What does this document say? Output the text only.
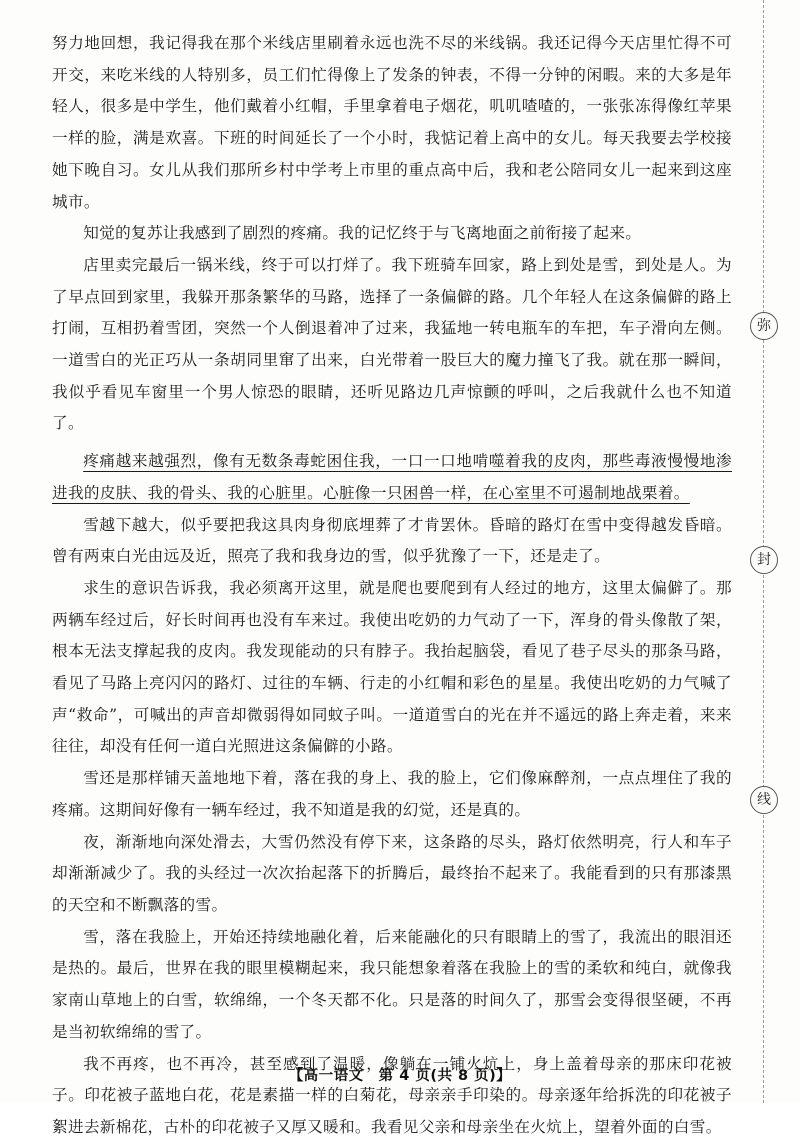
努力地回想，我记得我在那个米线店里刷着永远也洗不尽的米线锅。我还记得今天店里忙得不可开交，来吃米线的人特别多，员工们忙得像上了发条的钟表，不得一分钟的闲暇。来的大多是年轻人，很多是中学生，他们戴着小红帽，手里拿着电子烟花，叽叽喳喳的，一张张冻得像红苹果一样的脸，满是欢喜。下班的时间延长了一个小时，我惦记着上高中的女儿。每天我要去学校接她下晚自习。女儿从我们那所乡村中学考上市里的重点高中后，我和老公陪同女儿一起来到这座城市。

知觉的复苏让我感到了剧烈的疼痛。我的记忆终于与飞离地面之前衔接了起来。

店里卖完最后一锅米线，终于可以打烊了。我下班骑车回家，路上到处是雪，到处是人。为了早点回到家里，我躲开那条繁华的马路，选择了一条偏僻的路。几个年轻人在这条偏僻的路上打闹，互相扔着雪团，突然一个人倒退着冲了过来，我猛地一转电瓶车的车把，车子滑向左侧。一道雪白的光正巧从一条胡同里窜了出来，白光带着一股巨大的魔力撞飞了我。就在那一瞬间，我似乎看见车窗里一个男人惊恐的眼睛，还听见路边几声惊颤的呼叫，之后我就什么也不知道了。

疼痛越来越强烈，像有无数条毒蛇困住我，一口一口地啃噬着我的皮肉，那些毒液慢慢地渗进我的皮肤、我的骨头、我的心脏里。心脏像一只困兽一样，在心室里不可遏制地战栗着。

雪越下越大，似乎要把我这具肉身彻底埋葬了才肯罢休。昏暗的路灯在雪中变得越发昏暗。曾有两束白光由远及近，照亮了我和我身边的雪，似乎犹豫了一下，还是走了。

求生的意识告诉我，我必须离开这里，就是爬也要爬到有人经过的地方，这里太偏僻了。那两辆车经过后，好长时间再也没有车来过。我使出吃奶的力气动了一下，浑身的骨头像散了架，根本无法支撑起我的皮肉。我发现能动的只有脖子。我抬起脑袋，看见了巷子尽头的那条马路，看见了马路上亮闪闪的路灯、过往的车辆、行走的小红帽和彩色的星星。我使出吃奶的力气喊了声“救命”，可喊出的声音却微弱得如同蚊子叫。一道道雪白的光在并不遥远的路上奔走着，来来往往，却没有任何一道白光照进这条偏僻的小路。

雪还是那样铺天盖地地下着，落在我的身上、我的脸上，它们像麻醉剂，一点点埋住了我的疼痛。这期间好像有一辆车经过，我不知道是我的幻觉，还是真的。

夜，渐渐地向深处滑去，大雪仍然没有停下来，这条路的尽头，路灯依然明亮，行人和车子却渐渐减少了。我的头经过一次次抬起落下的折腾后，最终抬不起来了。我能看到的只有那漆黑的天空和不断飘落的雪。

雪，落在我脸上，开始还持续地融化着，后来能融化的只有眼睛上的雪了，我流出的眼泪还是热的。最后，世界在我的眼里模糊起来，我只能想象着落在我脸上的雪的柔软和纯白，就像我家南山草地上的白雪，软绵绵，一个冬天都不化。只是落的时间久了，那雪会变得很坚硬，不再是当初软绵绵的雪了。

我不再疼，也不再冷，甚至感到了温暖，像躺在一铺火炕上，身上盖着母亲的那床印花被子。印花被子蓝地白花，花是素描一样的白菊花，母亲亲手印染的。母亲逐年给拆洗的印花被子絮进去新棉花，古朴的印花被子又厚又暖和。我看见父亲和母亲坐在火炕上，望着外面的白雪。

弥
封
线
【高一语文　第 4 页(共 8 页)】
